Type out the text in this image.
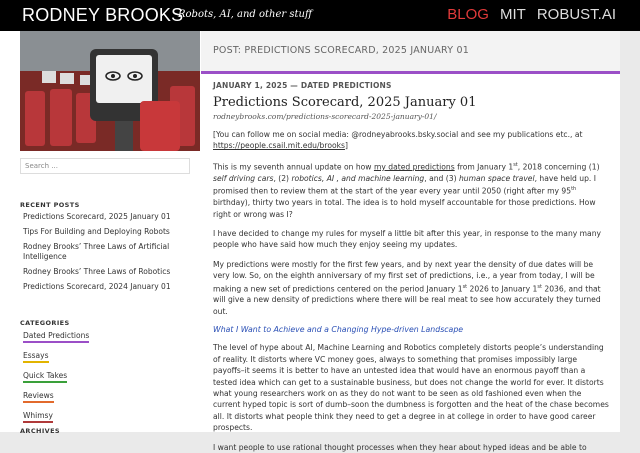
RODNEY BROOKS
Robots, AI, and other stuff	BLOG MIT ROBUST.AI
Search ...
RECENT POSTS
Predictions Scorecard, 2025 January 01
Tips For Building and Deploying Robots
Rodney Brooks’ Three Laws of Artificial Intelligence
Rodney Brooks’ Three Laws of Robotics
Predictions Scorecard, 2024 January 01
CATEGORIES
Dated Predictions
Essays
Quick Takes
Reviews
Whimsy
ARCHIVES
POST: PREDICTIONS SCORECARD, 2025 JANUARY 01
JANUARY 1, 2025 — DATED PREDICTIONS
Predictions Scorecard, 2025 January 01
rodneybrooks.com/predictions-scorecard-2025-january-01/

[You can follow me on social media: @rodneyabrooks.bsky.social and see my publications etc., at https://people.csail.mit.edu/brooks]

This is my seventh annual update on how my dated predictions from January 1st, 2018 concerning (1) self driving cars, (2) robotics, AI , and machine learning, and (3) human space travel, have held up. I promised then to review them at the start of the year every year until 2050 (right after my 95th birthday), thirty two years in total. The idea is to hold myself accountable for those predictions. How right or wrong was I?

I have decided to change my rules for myself a little bit after this year, in response to the many many people who have said how much they enjoy seeing my updates.

My predictions were mostly for the first few years, and by next year the density of due dates will be very low. So, on the eighth anniversary of my first set of predictions, i.e., a year from today, I will be making a new set of predictions centered on the period January 1st 2026 to January 1st 2036, and that will give a new density of predictions where there will be real meat to see how accurately they turned out.

What I Want to Achieve and a Changing Hype-driven Landscape

The level of hype about AI, Machine Learning and Robotics completely distorts people’s understanding of reality. It distorts where VC money goes, always to something that promises impossibly large payoffs–it seems it is better to have an untested idea that would have an enormous payoff than a tested idea which can get to a sustainable business, but does not change the world for ever. It distorts what young researchers work on as they do not want to be seen as old fashioned even when the current hyped topic is sort of dumb–soon the dumbness is forgotten and the heat of the chase becomes all. It distorts what people think they need to get a degree in at college in order to have good career prospects.

I want people to use rational thought processes when they hear about hyped ideas and be able to
